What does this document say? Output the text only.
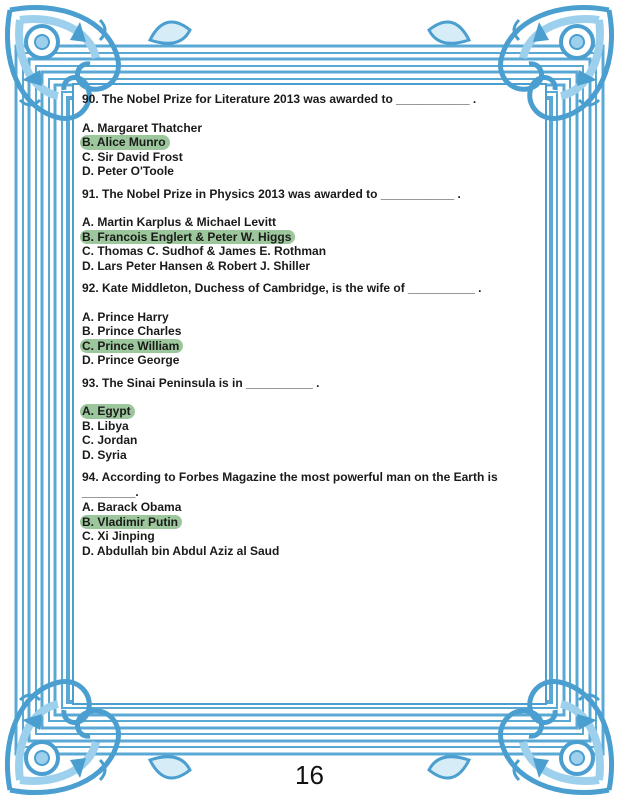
90. The Nobel Prize for Literature 2013 was awarded to ___________ .
A. Margaret Thatcher
B. Alice Munro
C. Sir David Frost
D. Peter O'Toole
91. The Nobel Prize in Physics 2013 was awarded to ___________ .
A. Martin Karplus & Michael Levitt
B. Francois Englert & Peter W. Higgs
C. Thomas C. Sudhof & James E. Rothman
D. Lars Peter Hansen & Robert J. Shiller
92. Kate Middleton, Duchess of Cambridge, is the wife of __________ .
A. Prince Harry
B. Prince Charles
C. Prince William
D. Prince George
93. The Sinai Peninsula is in __________ .
A. Egypt
B. Libya
C. Jordan
D. Syria
94. According to Forbes Magazine the most powerful man on the Earth is ________.
A. Barack Obama
B. Vladimir Putin
C. Xi Jinping
D. Abdullah bin Abdul Aziz al Saud
16
